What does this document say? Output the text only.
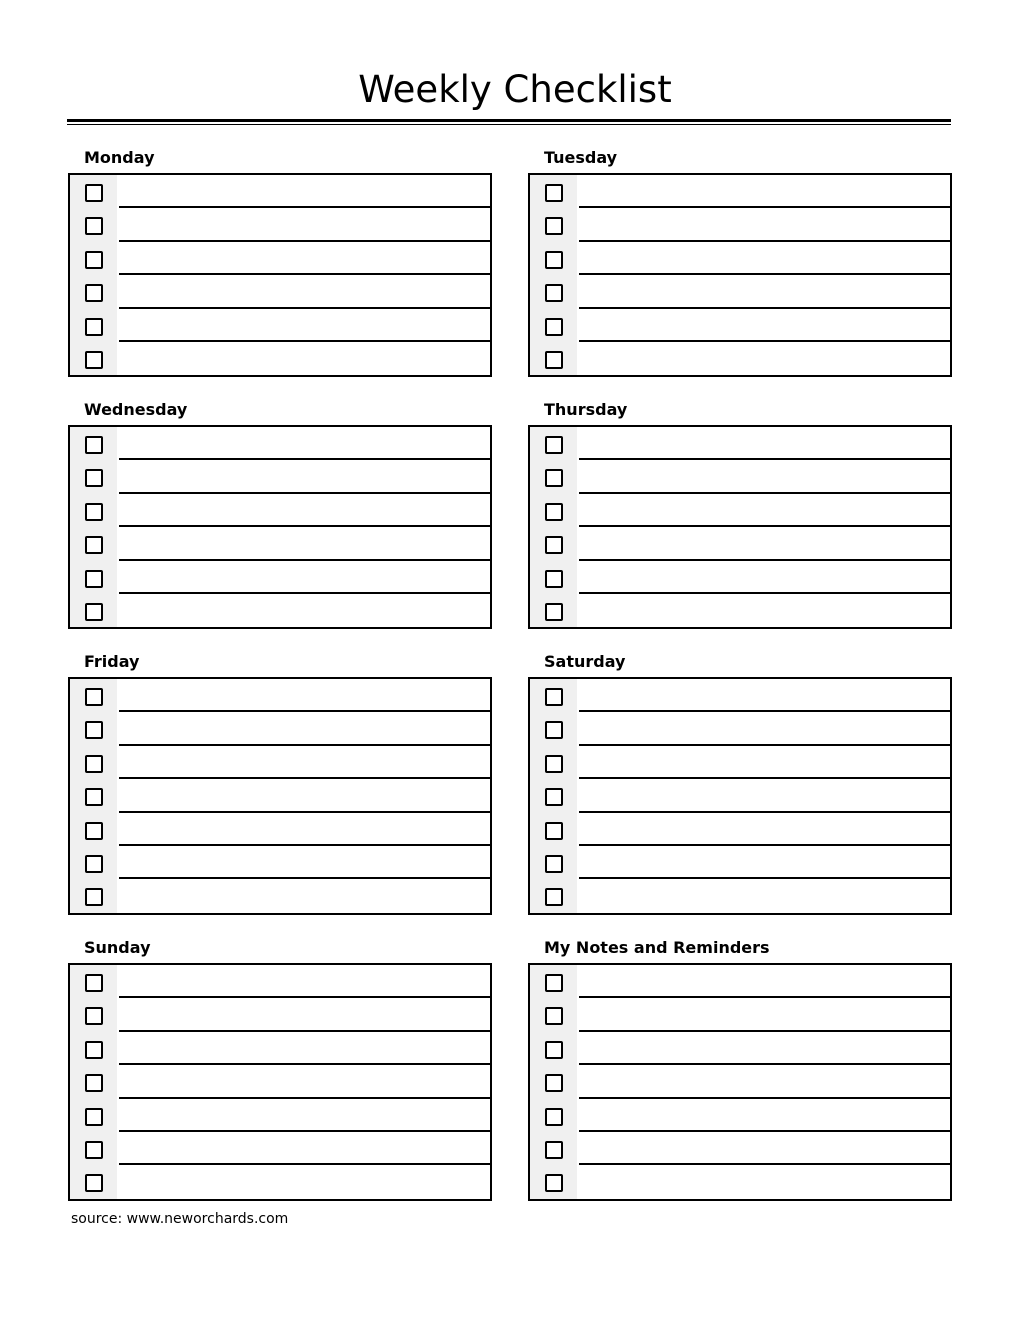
Weekly Checklist
Monday	Tuesday
Wednesday	Thursday
Friday	Saturday
Sunday	My Notes and Reminders
source: www.neworchards.com
